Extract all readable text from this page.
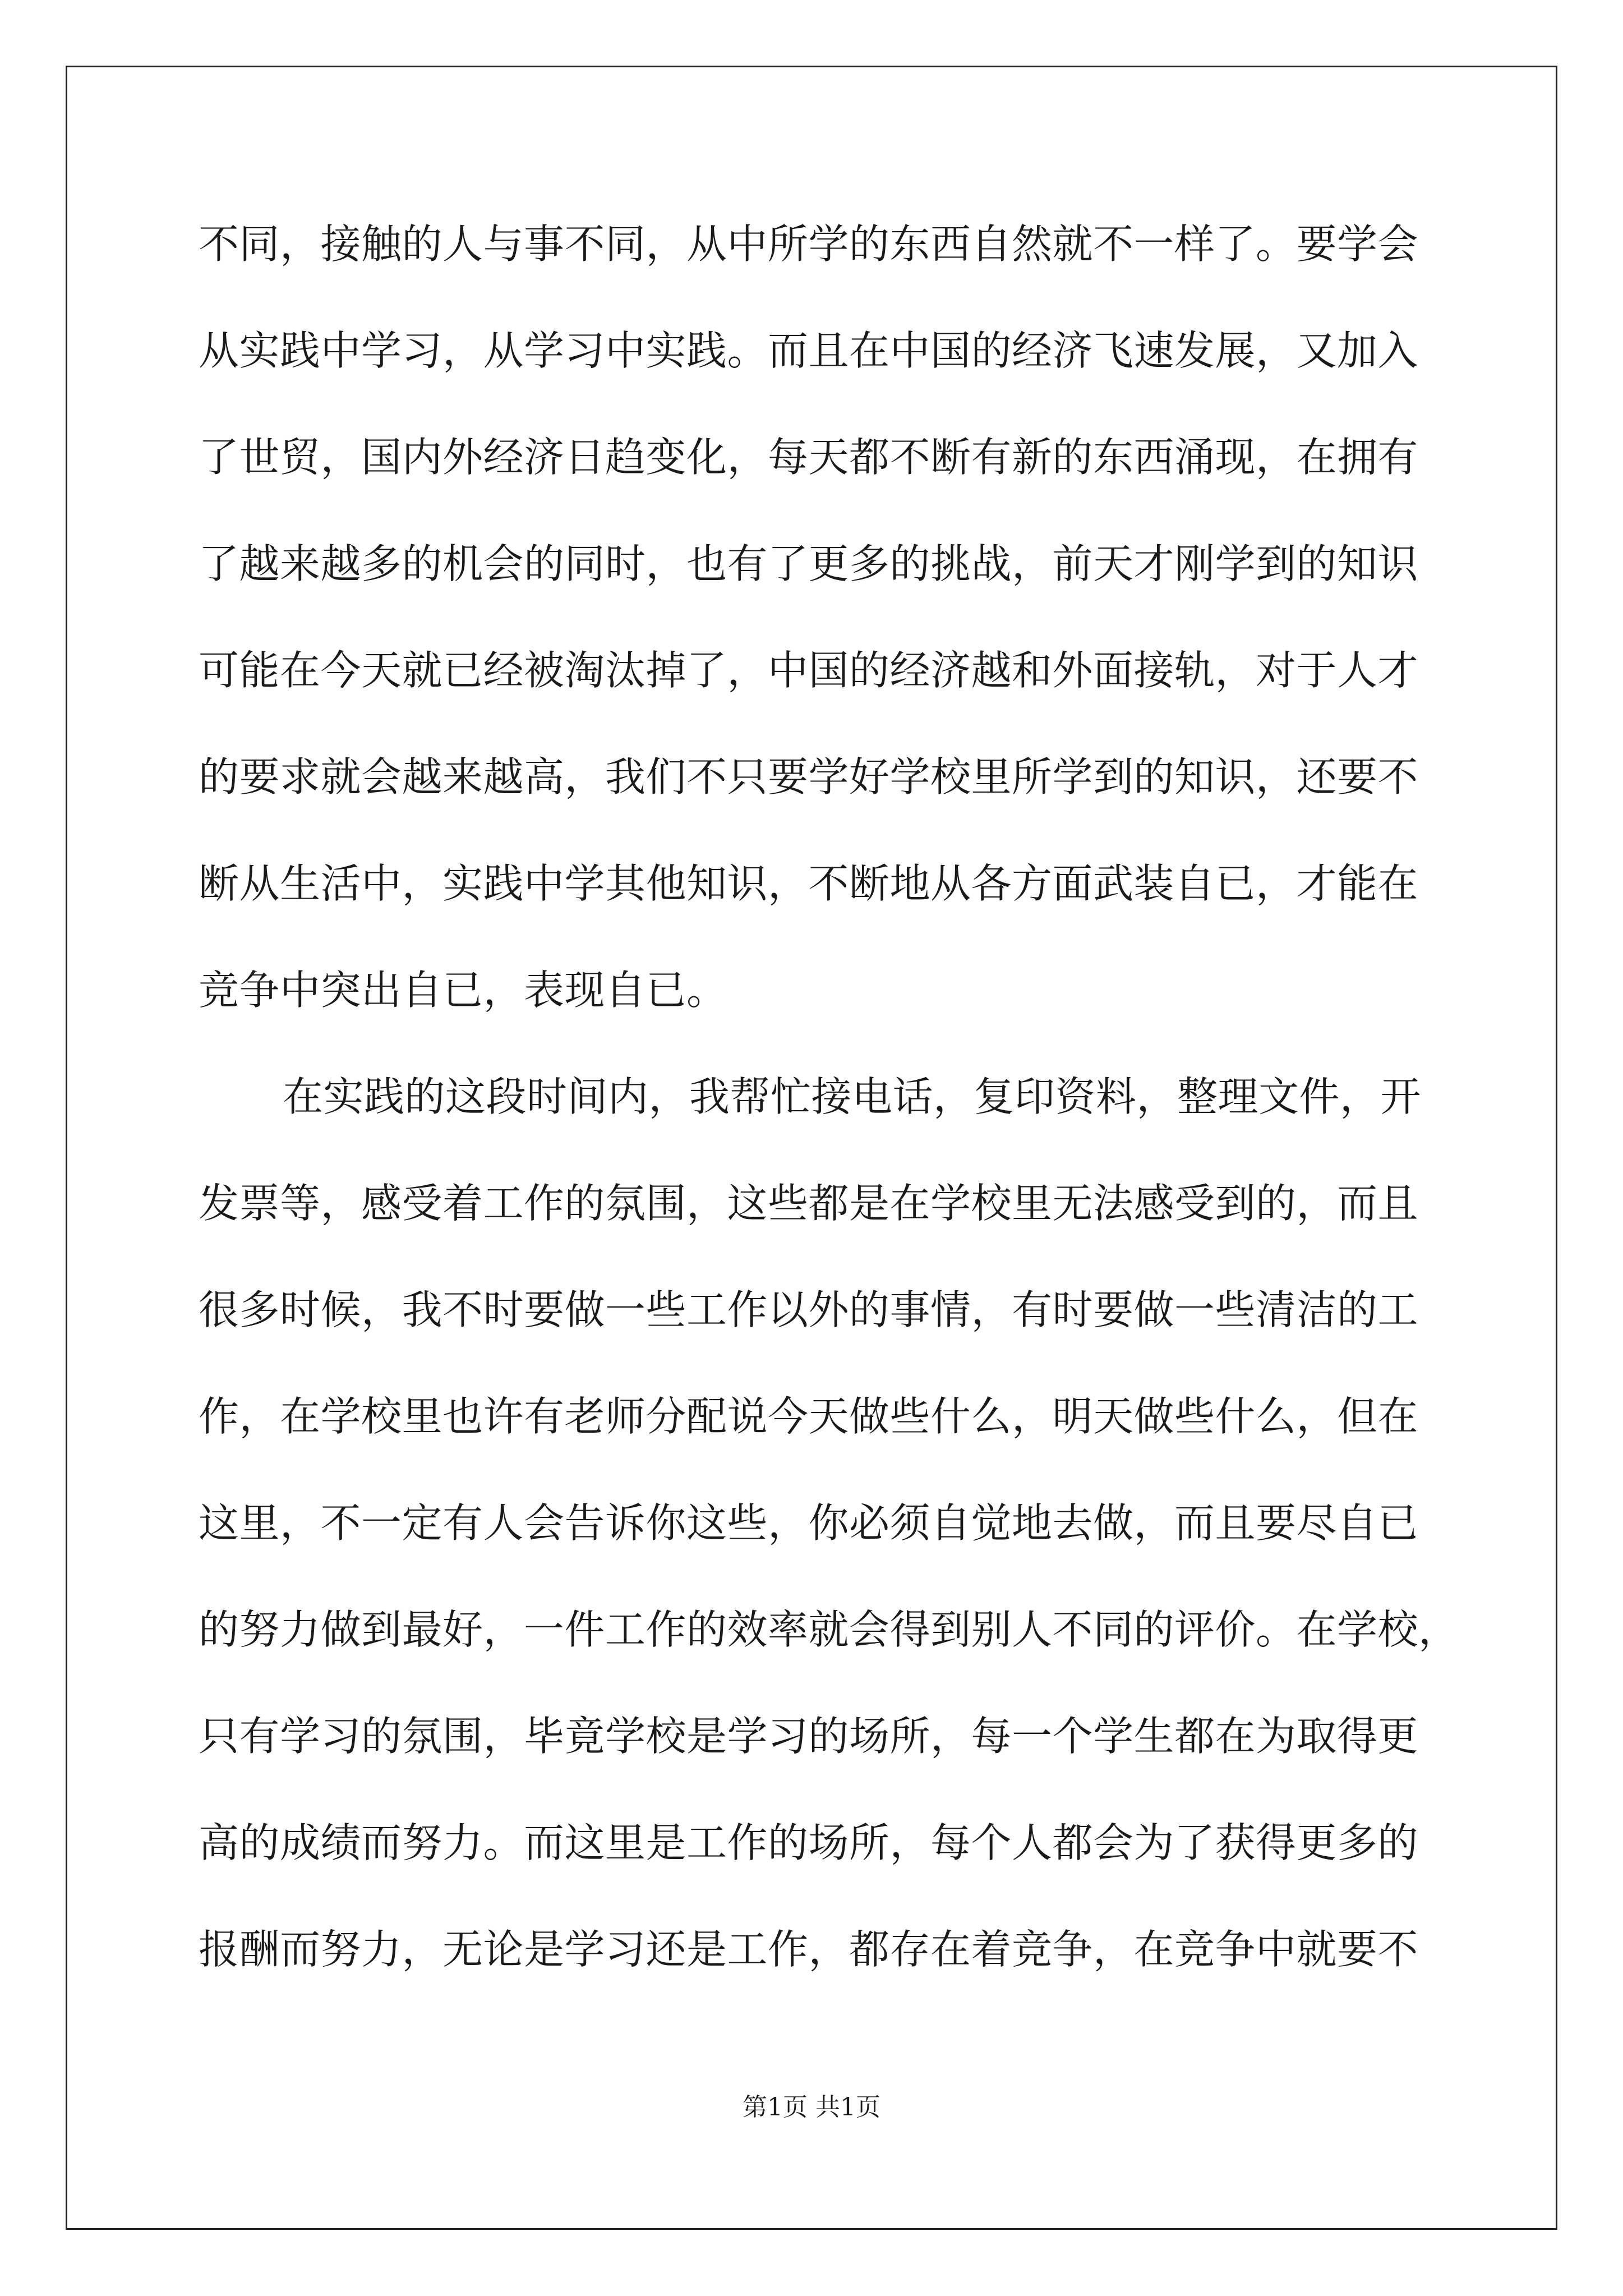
不同，接触的人与事不同，从中所学的东西自然就不一样了。要学会
从实践中学习，从学习中实践。而且在中国的经济飞速发展，又加入
了世贸，国内外经济日趋变化，每天都不断有新的东西涌现，在拥有
了越来越多的机会的同时，也有了更多的挑战，前天才刚学到的知识
可能在今天就已经被淘汰掉了，中国的经济越和外面接轨，对于人才
的要求就会越来越高，我们不只要学好学校里所学到的知识，还要不
断从生活中，实践中学其他知识，不断地从各方面武装自已，才能在
竞争中突出自已，表现自已。
在实践的这段时间内，我帮忙接电话，复印资料，整理文件，开
发票等，感受着工作的氛围，这些都是在学校里无法感受到的，而且
很多时候，我不时要做一些工作以外的事情，有时要做一些清洁的工
作，在学校里也许有老师分配说今天做些什么，明天做些什么，但在
这里，不一定有人会告诉你这些，你必须自觉地去做，而且要尽自已
的努力做到最好，一件工作的效率就会得到别人不同的评价。在学校，
只有学习的氛围，毕竟学校是学习的场所，每一个学生都在为取得更
高的成绩而努力。而这里是工作的场所，每个人都会为了获得更多的
报酬而努力，无论是学习还是工作，都存在着竞争，在竞争中就要不
第1页 共1页
